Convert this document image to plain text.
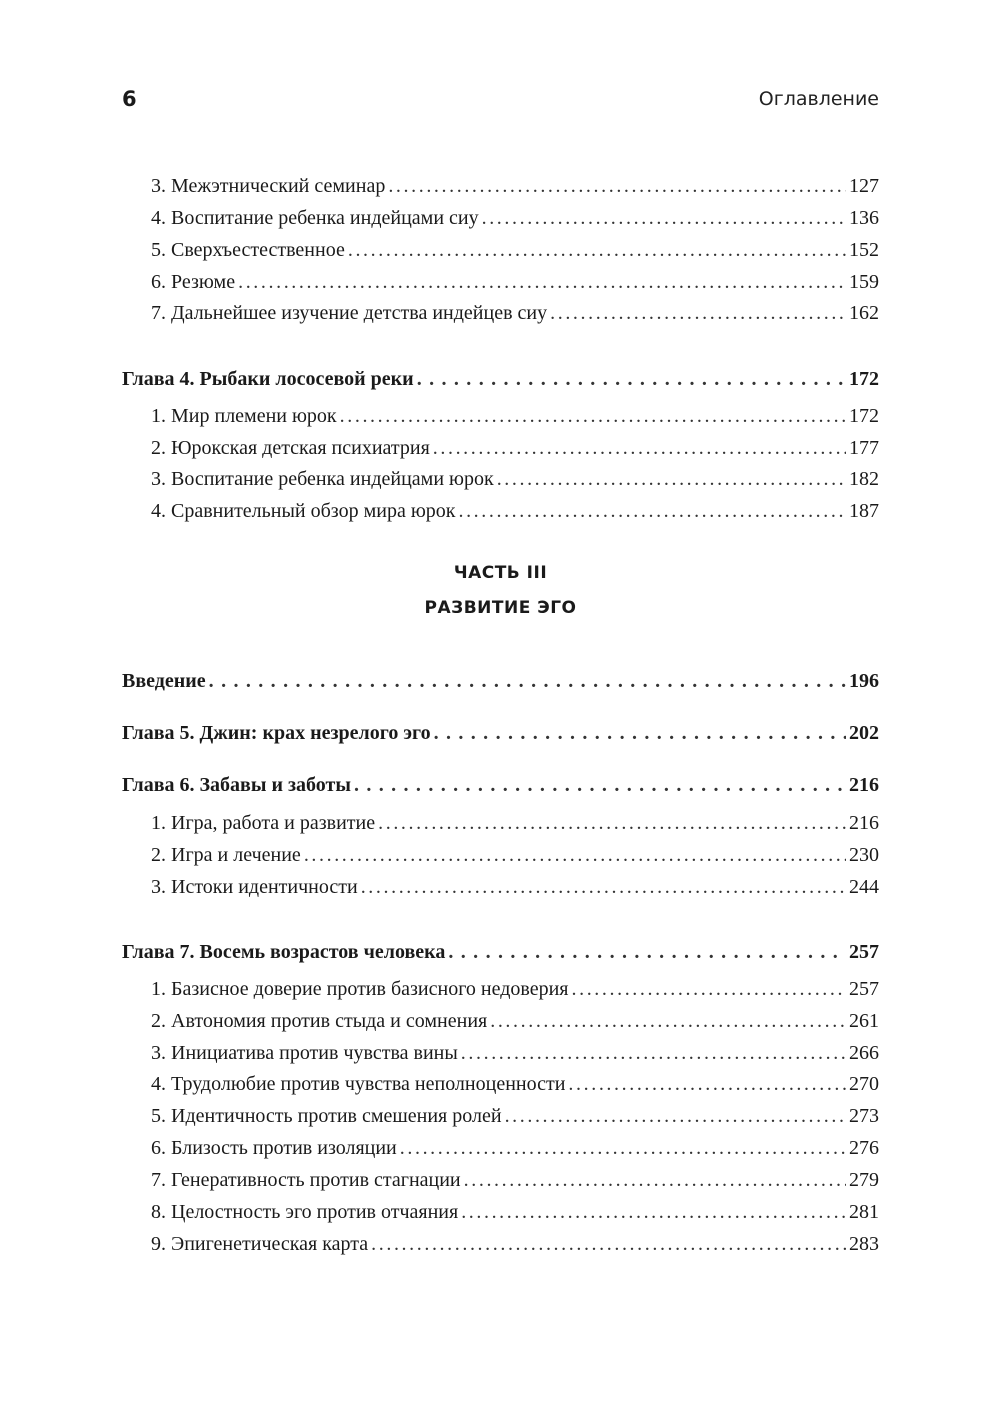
6	Оглавление
3. Межэтнический семинар .....	127
4. Воспитание ребенка индейцами сиу .....	136
5. Сверхъестественное .....	152
6. Резюме .....	159
7. Дальнейшее изучение детства индейцев сиу .....	162
Глава 4. Рыбаки лососевой реки . . .	172
1. Мир племени юрок .....	172
2. Юрокская детская психиатрия .....	177
3. Воспитание ребенка индейцами юрок .....	182
4. Сравнительный обзор мира юрок .....	187
ЧАСТЬ III
РАЗВИТИЕ ЭГО
Введение . . .	196
Глава 5. Джин: крах незрелого эго . . .	202
Глава 6. Забавы и заботы . . .	216
1. Игра, работа и развитие .....	216
2. Игра и лечение .....	230
3. Истоки идентичности .....	244
Глава 7. Восемь возрастов человека . . .	257
1. Базисное доверие против базисного недоверия .....	257
2. Автономия против стыда и сомнения .....	261
3. Инициатива против чувства вины .....	266
4. Трудолюбие против чувства неполноценности .....	270
5. Идентичность против смешения ролей .....	273
6. Близость против изоляции .....	276
7. Генеративность против стагнации .....	279
8. Целостность эго против отчаяния .....	281
9. Эпигенетическая карта .....	283
